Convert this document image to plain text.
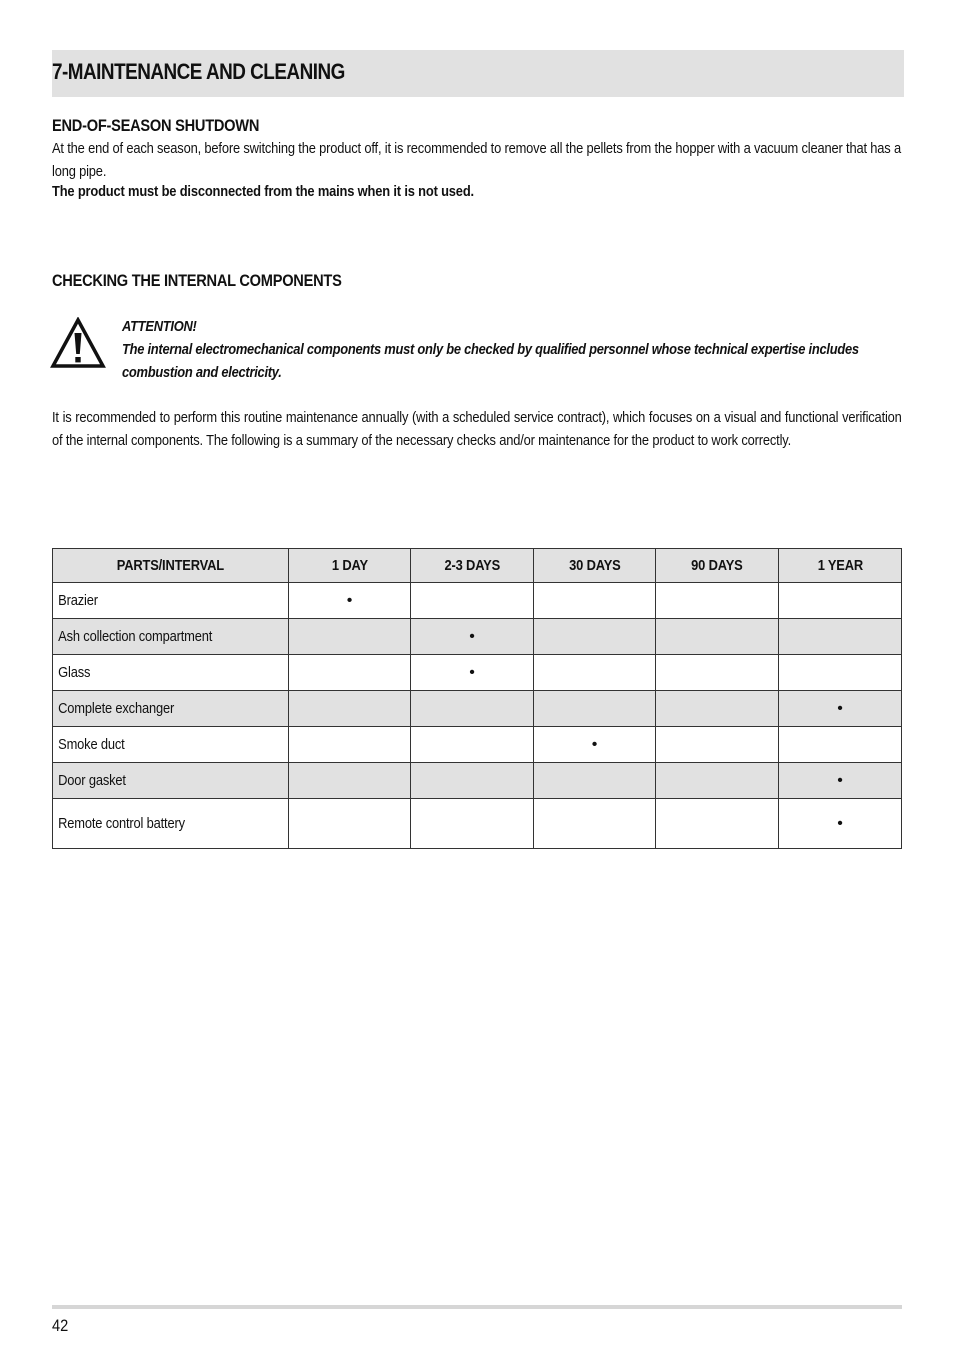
7-MAINTENANCE AND CLEANING
END-OF-SEASON SHUTDOWN
At the end of each season, before switching the product off, it is recommended to remove all the pellets from the hopper with a vacuum cleaner that has a long pipe.
The product must be disconnected from the mains when it is not used.
CHECKING THE INTERNAL COMPONENTS
ATTENTION!
The internal electromechanical components must only be checked by qualified personnel whose technical expertise includes combustion and electricity.
It is recommended to perform this routine maintenance annually (with a scheduled service contract), which focuses on a visual and functional verification of the internal components. The following is a summary of the necessary checks and/or maintenance for the product to work correctly.
PARTS/INTERVAL	1 DAY	2-3 DAYS	30 DAYS	90 DAYS	1 YEAR
Brazier	•				
Ash collection compartment		•			
Glass		•			
Complete exchanger					•
Smoke duct			•		
Door gasket					•
Remote control battery					•
42
